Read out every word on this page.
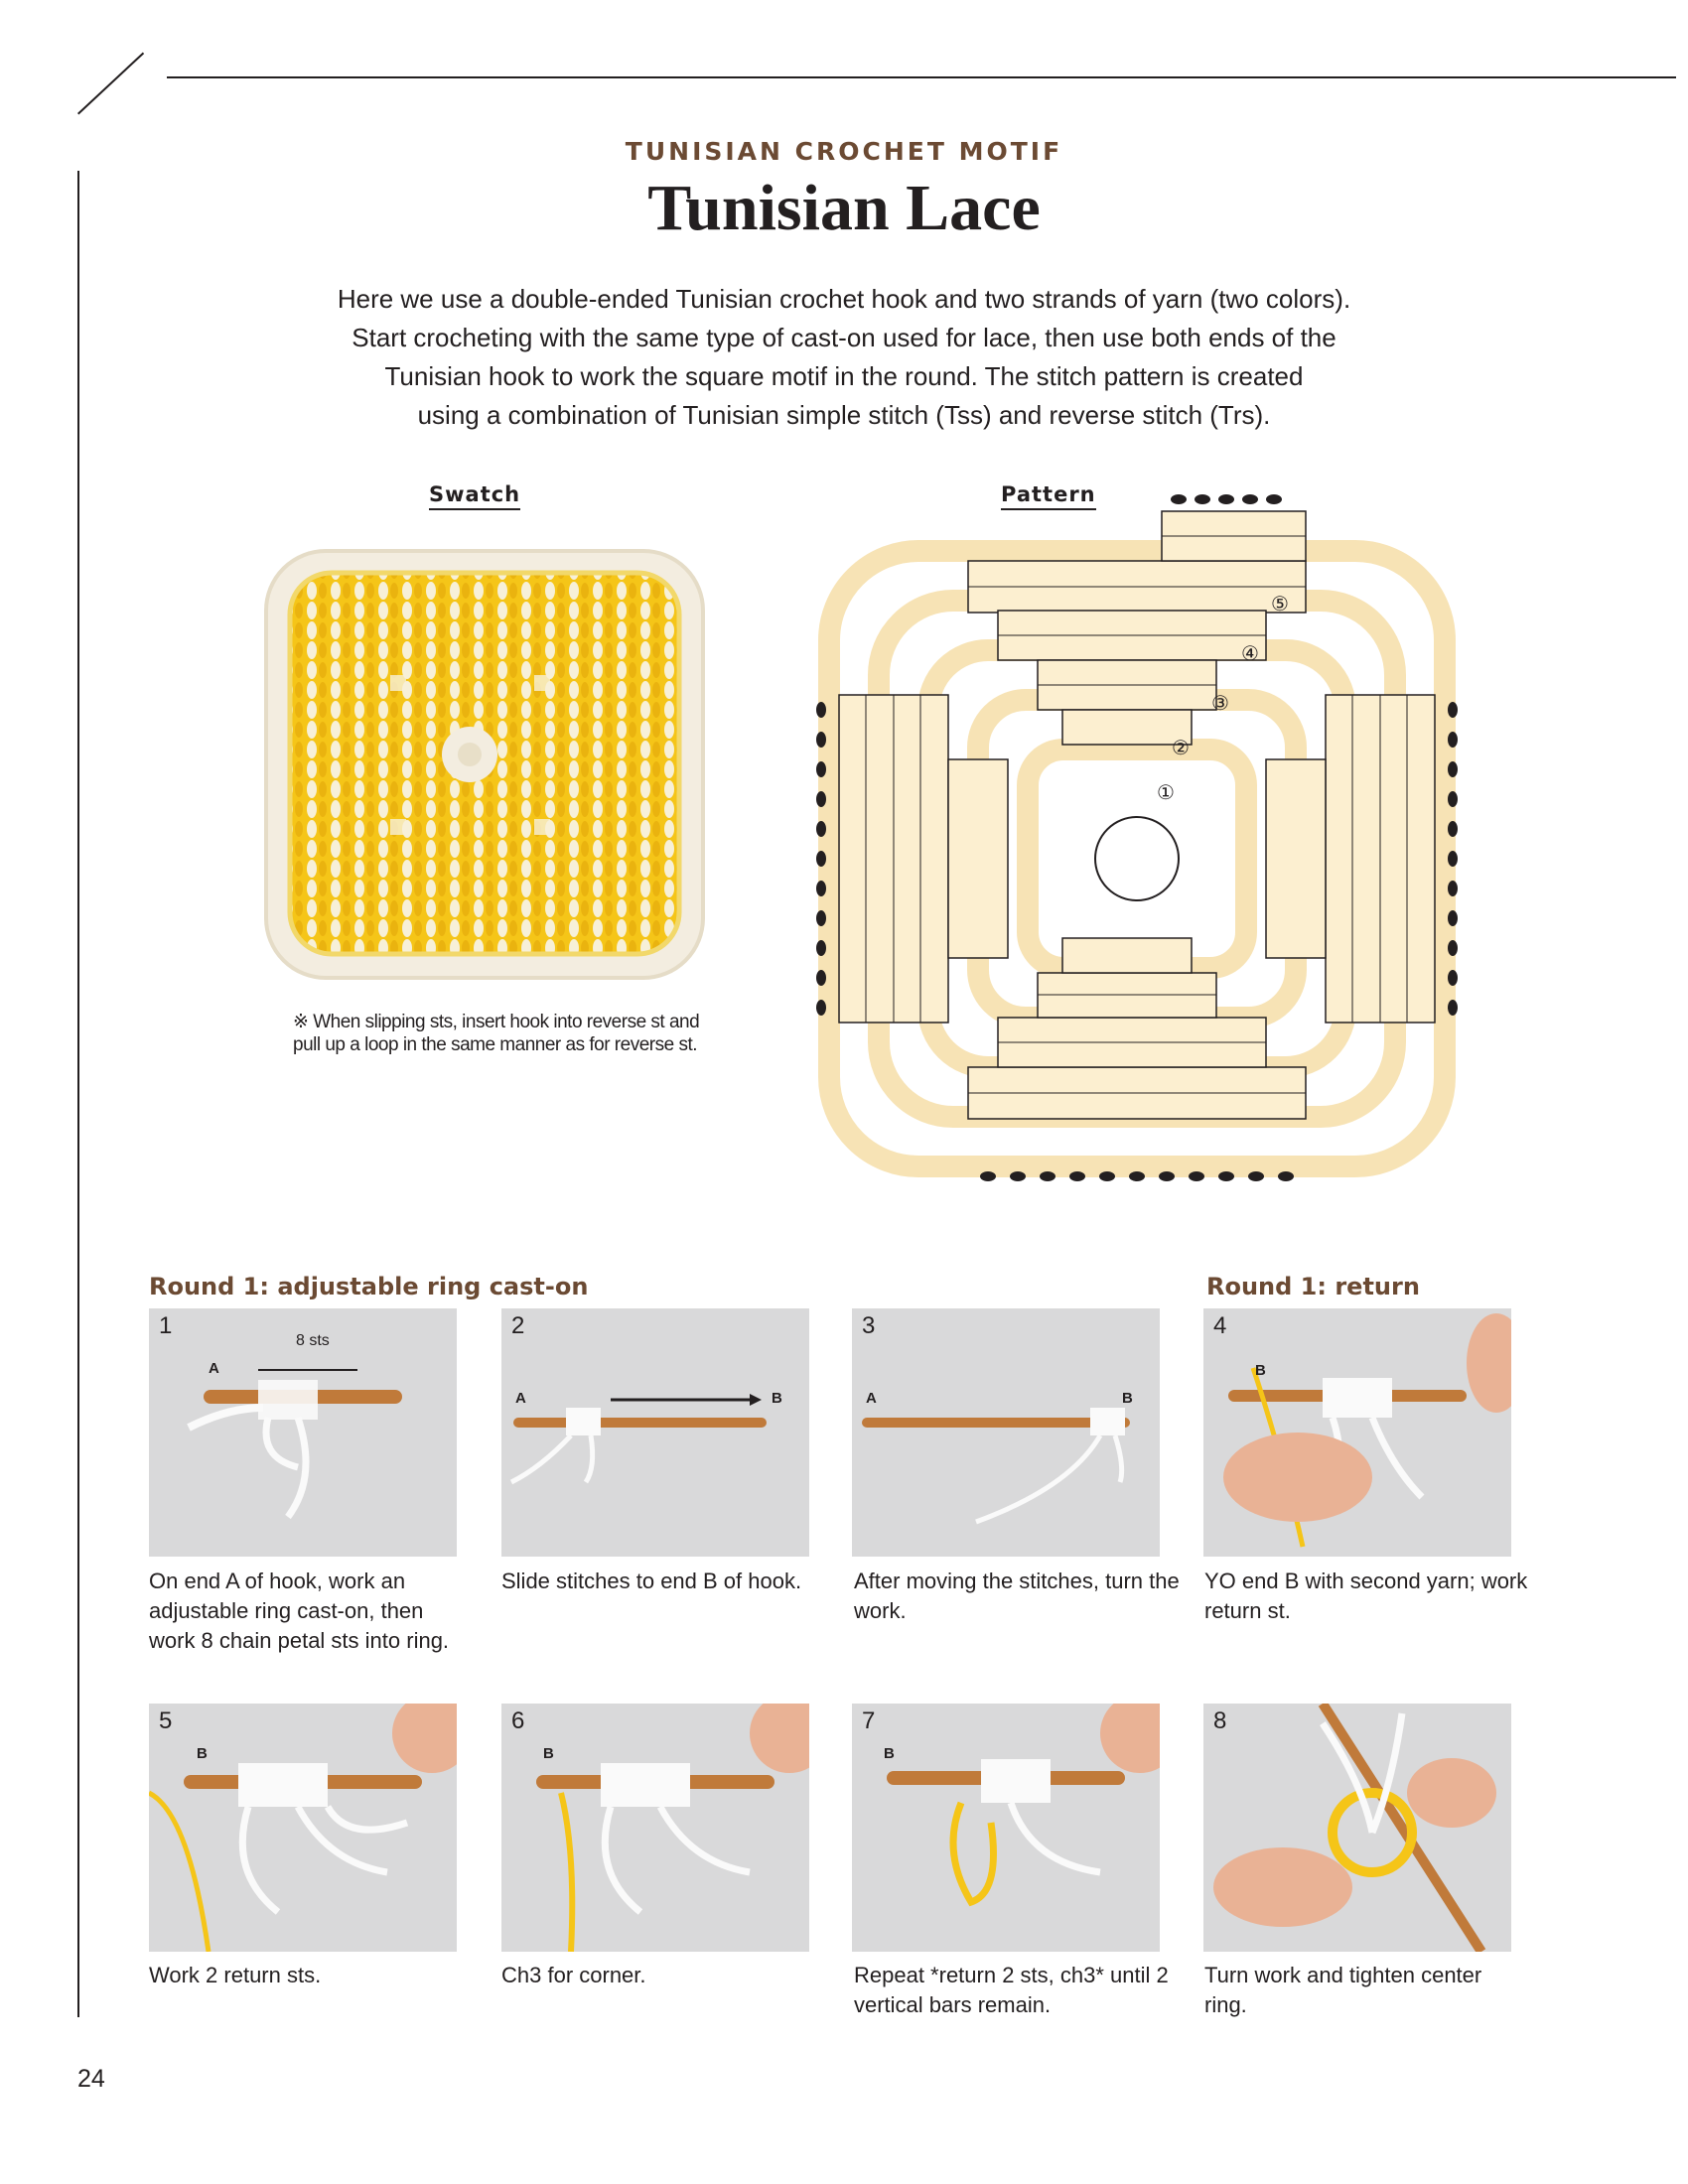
TUNISIAN CROCHET MOTIF
Tunisian Lace
Here we use a double-ended Tunisian crochet hook and two strands of yarn (two colors).
Start crocheting with the same type of cast-on used for lace, then use both ends of the
Tunisian hook to work the square motif in the round. The stitch pattern is created
using a combination of Tunisian simple stitch (Tss) and reverse stitch (Trs).
Swatch
※ When slipping sts, insert hook into reverse st and pull up a loop in the same manner as for reverse st.
Pattern
①
②
③
④
⑤
Round 1: adjustable ring cast-on	Round 1: return
1
A
8 sts
2
A	B
3
A	B
4
B
On end A of hook, work an adjustable ring cast-on, then work 8 chain petal sts into ring.
Slide stitches to end B of hook.	After moving the stitches, turn the work.
YO end B with second yarn; work return st.
5
B
6
B
7
B
8
Work 2 return sts.	Ch3 for corner.	Repeat *return 2 sts, ch3* until 2 vertical bars remain.
Turn work and tighten center ring.
24
